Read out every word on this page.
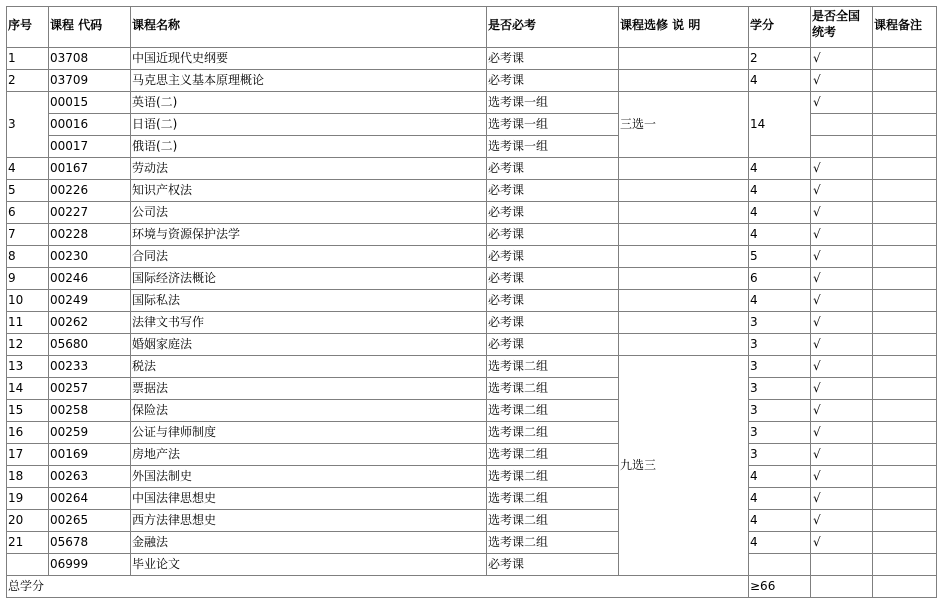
序号	课程 代码	课程名称	是否必考	课程选修 说 明	学分	是否全国统考	课程备注
1	03708	中国近现代史纲要	必考课		2	√	
2	03709	马克思主义基本原理概论	必考课		4	√	
3	00015	英语(二)	选考课一组	三选一	14	√	
	00016	日语(二)	选考课一组				
	00017	俄语(二)	选考课一组				
4	00167	劳动法	必考课		4	√	
5	00226	知识产权法	必考课		4	√	
6	00227	公司法	必考课		4	√	
7	00228	环境与资源保护法学	必考课		4	√	
8	00230	合同法	必考课		5	√	
9	00246	国际经济法概论	必考课		6	√	
10	00249	国际私法	必考课		4	√	
11	00262	法律文书写作	必考课		3	√	
12	05680	婚姻家庭法	必考课		3	√	
13	00233	税法	选考课二组	九选三	3	√	
14	00257	票据法	选考课二组		3	√	
15	00258	保险法	选考课二组		3	√	
16	00259	公证与律师制度	选考课二组		3	√	
17	00169	房地产法	选考课二组		3	√	
18	00263	外国法制史	选考课二组		4	√	
19	00264	中国法律思想史	选考课二组		4	√	
20	00265	西方法律思想史	选考课二组		4	√	
21	05678	金融法	选考课二组		4	√	
	06999	毕业论文	必考课				
总学分					≥66		
